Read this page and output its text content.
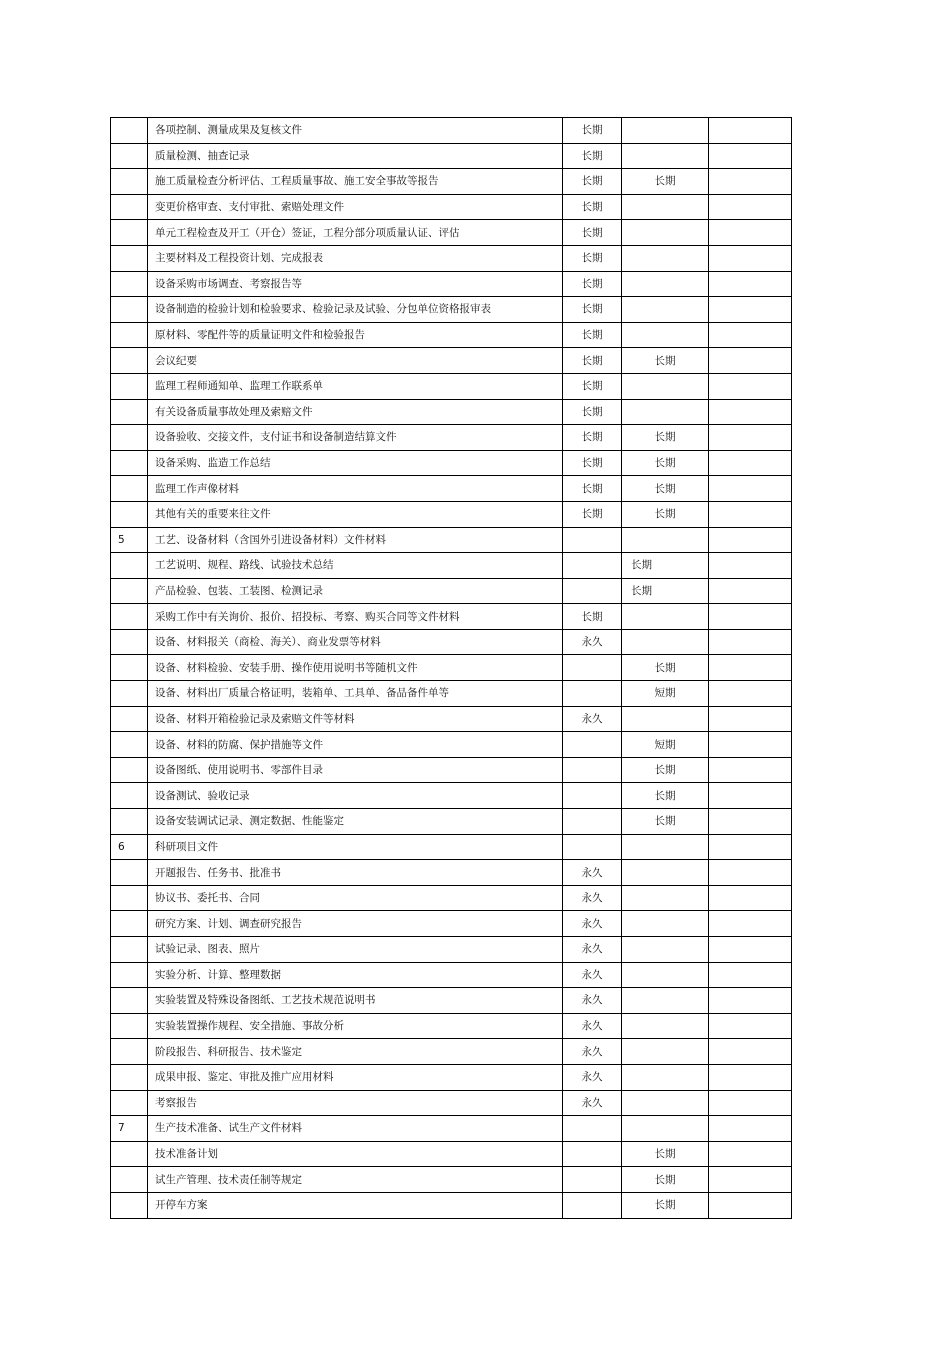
	各项控制、测量成果及复核文件	长期		
	质量检测、抽查记录	长期		
	施工质量检查分析评估、工程质量事故、施工安全事故等报告	长期	长期	
	变更价格审查、支付审批、索赔处理文件	长期		
	单元工程检查及开工（开仓）签证，工程分部分项质量认证、评估	长期		
	主要材料及工程投资计划、完成报表	长期		
	设备采购市场调查、考察报告等	长期		
	设备制造的检验计划和检验要求、检验记录及试验、分包单位资格报审表	长期		
	原材料、零配件等的质量证明文件和检验报告	长期		
	会议纪要	长期	长期	
	监理工程师通知单、监理工作联系单	长期		
	有关设备质量事故处理及索赔文件	长期		
	设备验收、交接文件，支付证书和设备制造结算文件	长期	长期	
	设备采购、监造工作总结	长期	长期	
	监理工作声像材料	长期	长期	
	其他有关的重要来往文件	长期	长期	
5	工艺、设备材料（含国外引进设备材料）文件材料			
	工艺说明、规程、路线、试验技术总结		长期	
	产品检验、包装、工装图、检测记录		长期	
	采购工作中有关询价、报价、招投标、考察、购买合同等文件材料	长期		
	设备、材料报关（商检、海关）、商业发票等材料	永久		
	设备、材料检验、安装手册、操作使用说明书等随机文件		长期	
	设备、材料出厂质量合格证明，装箱单、工具单、备品备件单等		短期	
	设备、材料开箱检验记录及索赔文件等材料	永久		
	设备、材料的防腐、保护措施等文件		短期	
	设备图纸、使用说明书、零部件目录		长期	
	设备测试、验收记录		长期	
	设备安装调试记录、测定数据、性能鉴定		长期	
6	科研项目文件			
	开题报告、任务书、批准书	永久		
	协议书、委托书、合同	永久		
	研究方案、计划、调查研究报告	永久		
	试验记录、图表、照片	永久		
	实验分析、计算、整理数据	永久		
	实验装置及特殊设备图纸、工艺技术规范说明书	永久		
	实验装置操作规程、安全措施、事故分析	永久		
	阶段报告、科研报告、技术鉴定	永久		
	成果申报、鉴定、审批及推广应用材料	永久		
	考察报告	永久		
7	生产技术准备、试生产文件材料			
	技术准备计划		长期	
	试生产管理、技术责任制等规定		长期	
	开停车方案		长期	
